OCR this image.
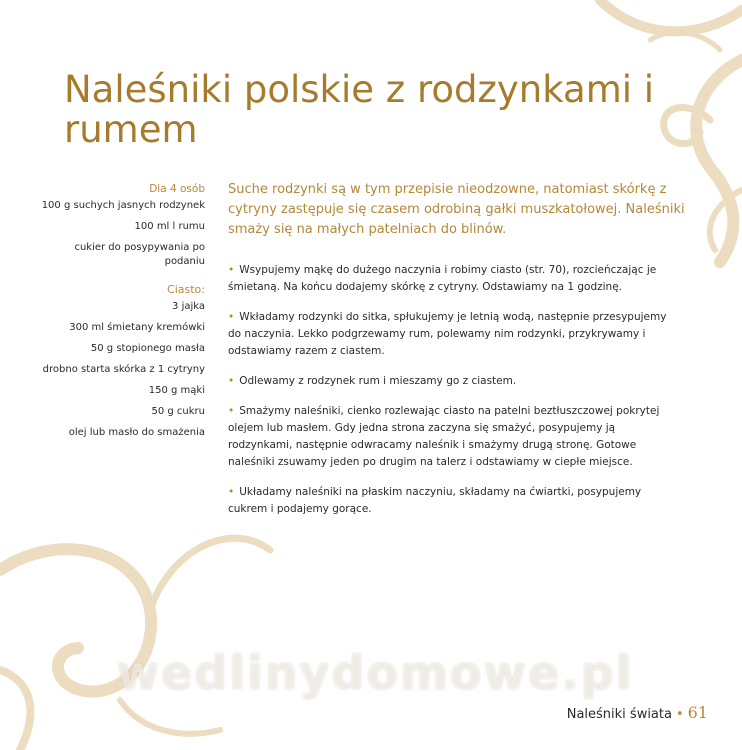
Naleśniki polskie z rodzynkami i rumem

Dla 4 osób

100 g suchych jasnych rodzynek

100 ml l rumu

cukier do posypywania po podaniu

Ciasto:

3 jajka

300 ml śmietany kremówki

50 g stopionego masła

drobno starta skórka z 1 cytryny

150 g mąki

50 g cukru

olej lub masło do smażenia

Suche rodzynki są w tym przepisie nieodzowne, natomiast skórkę z cytryny zastępuje się czasem odrobiną gałki muszkatołowej. Naleśniki smaży się na małych patelniach do blinów.

• Wsypujemy mąkę do dużego naczynia i robimy ciasto (str. 70), rozcieńczając je śmietaną. Na końcu dodajemy skórkę z cytryny. Odstawiamy na 1 godzinę.
• Wkładamy rodzynki do sitka, spłukujemy je letnią wodą, następnie przesypujemy do naczynia. Lekko podgrzewamy rum, polewamy nim rodzynki, przykrywamy i odstawiamy razem z ciastem.
• Odlewamy z rodzynek rum i mieszamy go z ciastem.
• Smażymy naleśniki, cienko rozlewając ciasto na patelni beztłuszczowej pokrytej olejem lub masłem. Gdy jedna strona zaczyna się smażyć, posypujemy ją rodzynkami, następnie odwracamy naleśnik i smażymy drugą stronę. Gotowe naleśniki zsuwamy jeden po drugim na talerz i odstawiamy w ciepłe miejsce.
• Układamy naleśniki na płaskim naczyniu, składamy na ćwiartki, posypujemy cukrem i podajemy gorące.
wedlinydomowe.pl
Naleśniki świata • 61
